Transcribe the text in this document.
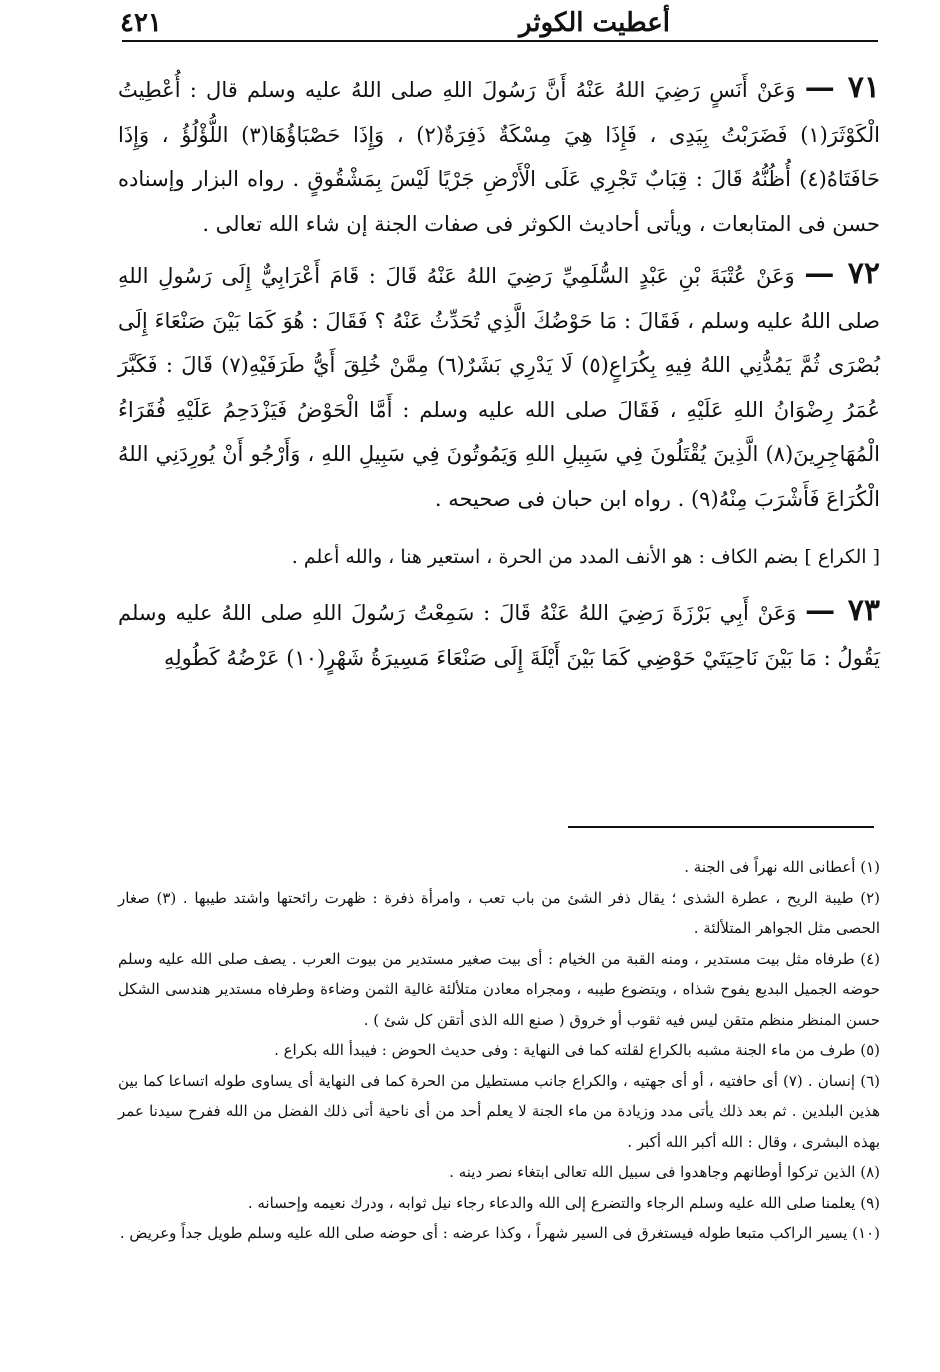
٤٢١	أعطيت الكوثر

٧١ — وَعَنْ أَنَسٍ رَضِيَ اللهُ عَنْهُ أَنَّ رَسُولَ اللهِ صلى اللهُ عليه وسلم قال : أُعْطِيتُ الْكَوْثَرَ(١) فَضَرَبْتُ بِيَدِى ، فَإِذَا هِيَ مِسْكَةٌ ذَفِرَةٌ(٢) ، وَإِذَا حَصْبَاؤُهَا(٣) اللُّؤْلُؤُ ، وَإِذَا حَافَتَاهُ(٤) أُظُنُّهُ قَالَ : قِبَابٌ تَجْرِي عَلَى الْأَرْضِ جَرْيًا لَيْسَ بِمَشْقُوقٍ . رواه البزار وإسناده حسن فى المتابعات ، ويأتى أحاديث الكوثر فى صفات الجنة إن شاء الله تعالى .

٧٢ — وَعَنْ عُتْبَةَ بْنِ عَبْدٍ السُّلَمِيِّ رَضِيَ اللهُ عَنْهُ قَالَ : قَامَ أَعْرَابِيٌّ إِلَى رَسُولِ اللهِ صلى اللهُ عليه وسلم ، فَقَالَ : مَا حَوْضُكَ الَّذِي تُحَدِّثُ عَنْهُ ؟ فَقَالَ : هُوَ كَمَا بَيْنَ صَنْعَاءَ إِلَى بُصْرَى ثُمَّ يَمُدُّنِي اللهُ فِيهِ بِكُرَاعٍ(٥) لَا يَدْرِي بَشَرٌ(٦) مِمَّنْ خُلِقَ أَيُّ طَرَفَيْهِ(٧) قَالَ : فَكَبَّرَ عُمَرُ رِضْوَانُ اللهِ عَلَيْهِ ، فَقَالَ صلى الله عليه وسلم : أَمَّا الْحَوْضُ فَيَزْدَحِمُ عَلَيْهِ فُقَرَاءُ الْمُهَاجِرِينَ(٨) الَّذِينَ يُقْتَلُونَ فِي سَبِيلِ اللهِ وَيَمُوتُونَ فِي سَبِيلِ اللهِ ، وَأَرْجُو أَنْ يُورِدَنِي اللهُ الْكُرَاعَ فَأَشْرَبَ مِنْهُ(٩) . رواه ابن حبان فى صحيحه .

[ الكراع ] بضم الكاف : هو الأنف المدد من الحرة ، استعير هنا ، والله أعلم .

٧٣ — وَعَنْ أَبِي بَرْزَةَ رَضِيَ اللهُ عَنْهُ قَالَ : سَمِعْتُ رَسُولَ اللهِ صلى اللهُ عليه وسلم يَقُولُ : مَا بَيْنَ نَاحِيَتَيْ حَوْضِي كَمَا بَيْنَ أَيْلَةَ إِلَى صَنْعَاءَ مَسِيرَةُ شَهْرٍ(١٠) عَرْضُهُ كَطُولِهِ

(١) أعطانى الله نهراً فى الجنة .

(٢) طيبة الريح ، عطرة الشذى ؛ يقال ذفر الشئ من باب تعب ، وامرأة ذفرة : ظهرت رائحتها واشتد طيبها . (٣) صغار الحصى مثل الجواهر المتلألئة .

(٤) طرفاه مثل بيت مستدير ، ومنه القبة من الخيام : أى بيت صغير مستدير من بيوت العرب . يصف صلى الله عليه وسلم حوضه الجميل البديع يفوح شذاه ، ويتضوع طيبه ، ومجراه معادن متلألئة غالية الثمن وضاءة وطرفاه مستدير هندسى الشكل حسن المنظر منظم متقن ليس فيه ثقوب أو خروق ( صنع الله الذى أتقن كل شئ ) .

(٥) طرف من ماء الجنة مشبه بالكراع لقلته كما فى النهاية : وفى حديث الحوض : فيبدأ الله بكراع .

(٦) إنسان . (٧) أى حافتيه ، أو أى جهتيه ، والكراع جانب مستطيل من الحرة كما فى النهاية أى يساوى طوله اتساعا كما بين هذين البلدين . ثم بعد ذلك يأتى مدد وزيادة من ماء الجنة لا يعلم أحد من أى ناحية أتى ذلك الفضل من الله ففرح سيدنا عمر بهذه البشرى ، وقال : الله أكبر الله أكبر .

(٨) الذين تركوا أوطانهم وجاهدوا فى سبيل الله تعالى ابتغاء نصر دينه .

(٩) يعلمنا صلى الله عليه وسلم الرجاء والتضرع إلى الله والدعاء رجاء نيل ثوابه ، ودرك نعيمه وإحسانه .

(١٠) يسير الراكب متبعا طوله فيستغرق فى السير شهراً ، وكذا عرضه : أى حوضه صلى الله عليه وسلم طويل جداً وعريض .
